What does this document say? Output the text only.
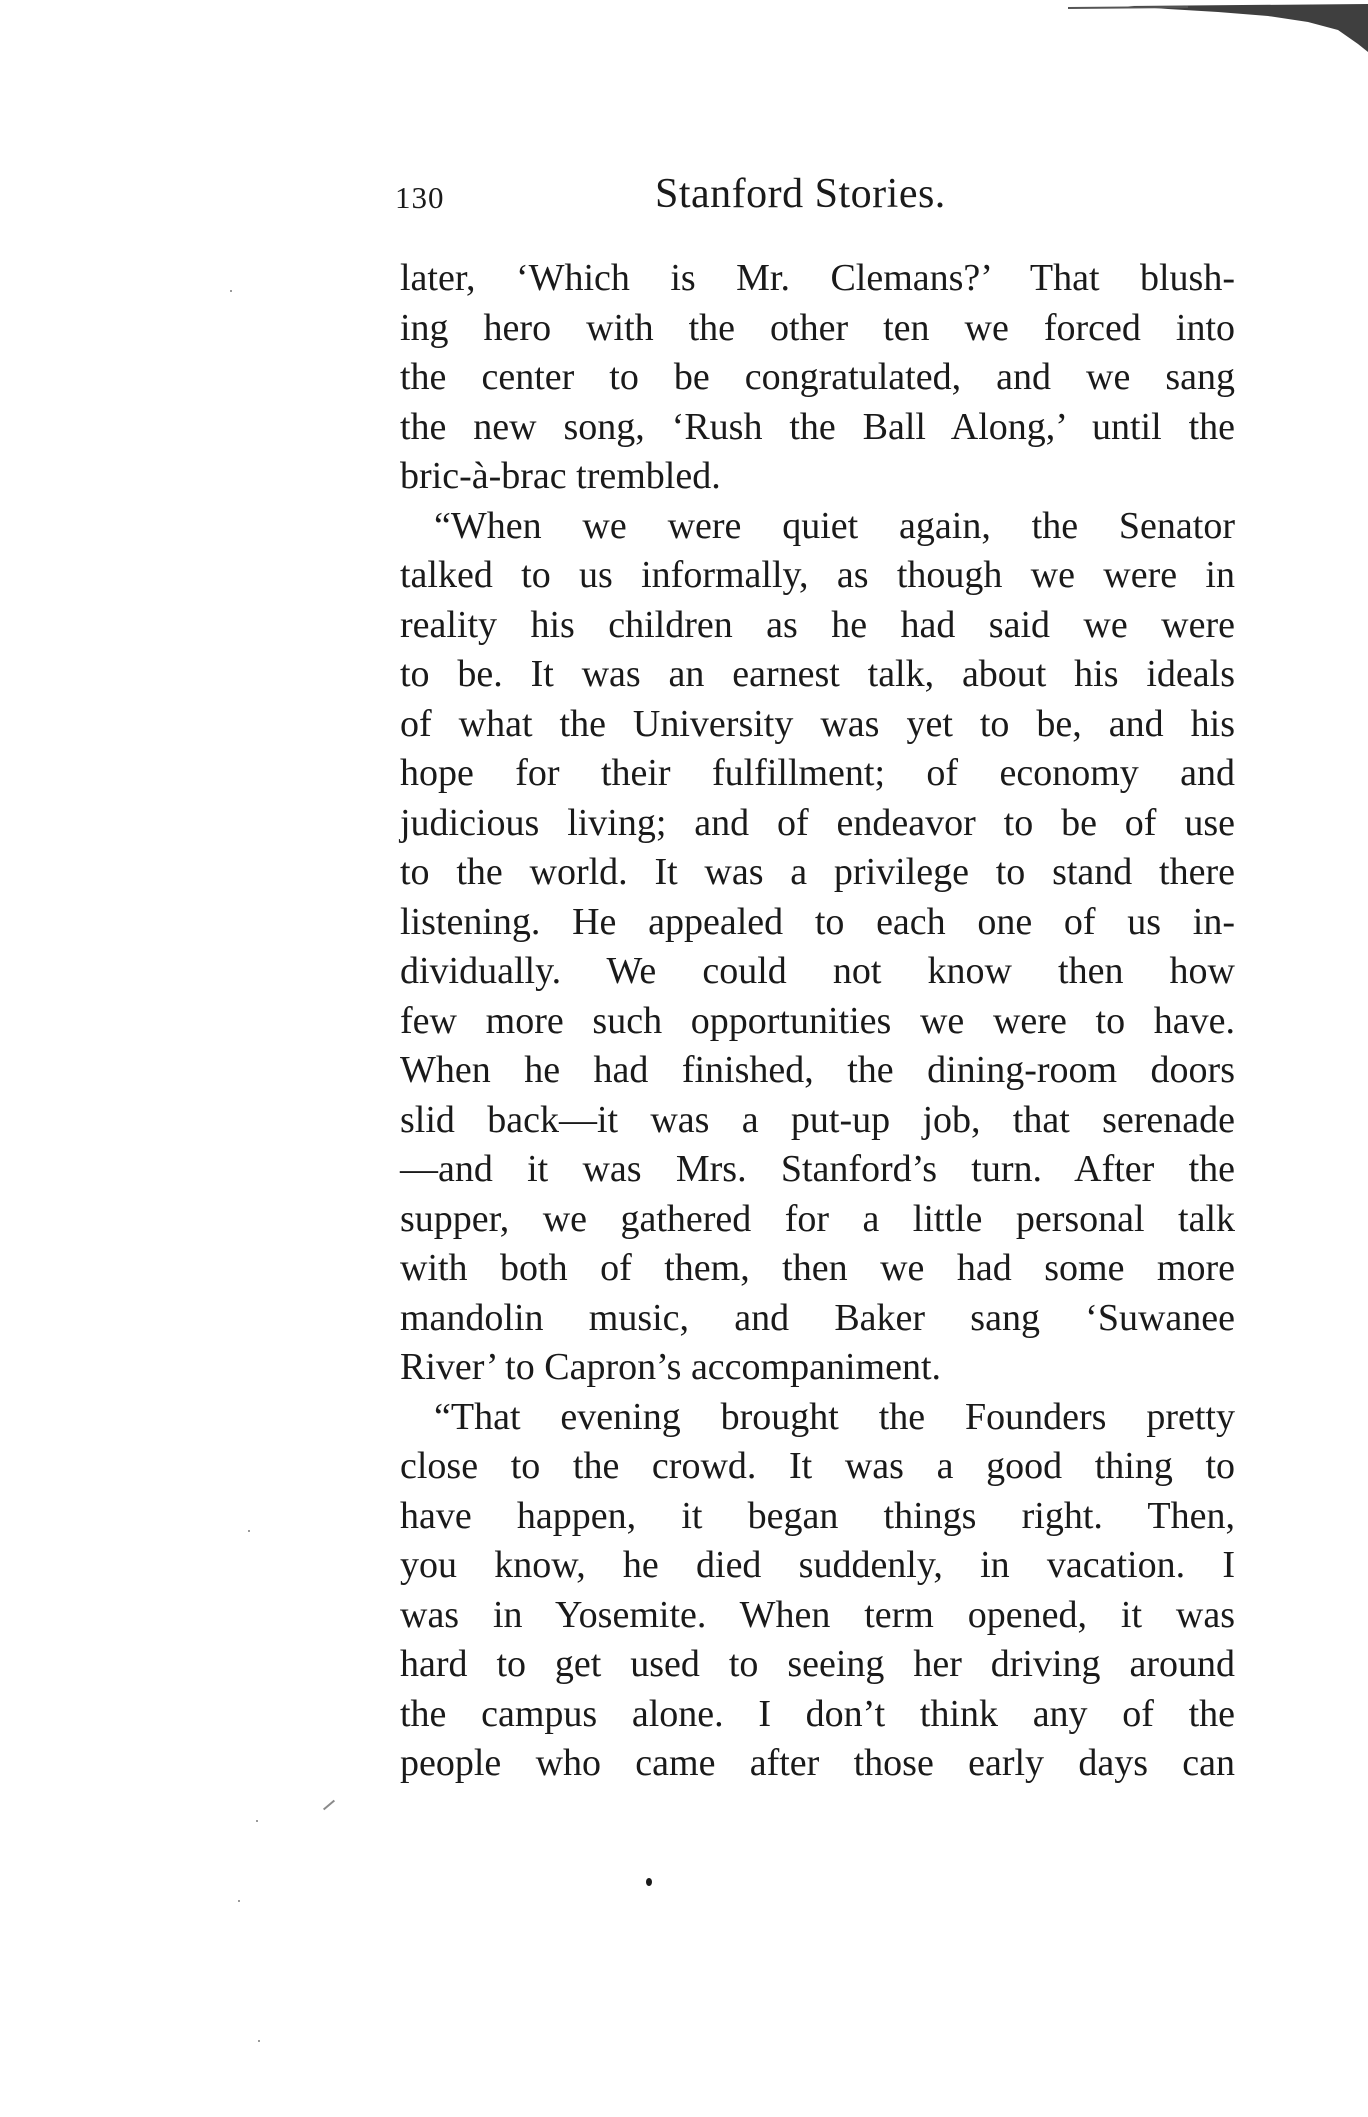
130	Stanford Stories.
later, ‘Which is Mr. Clemans?’ That blush-
ing hero with the other ten we forced into
the center to be congratulated, and we sang
the new song, ‘Rush the Ball Along,’ until the
bric-à-brac trembled.
“When we were quiet again, the Senator
talked to us informally, as though we were in
reality his children as he had said we were
to be. It was an earnest talk, about his ideals
of what the University was yet to be, and his
hope for their fulfillment; of economy and
judicious living; and of endeavor to be of use
to the world. It was a privilege to stand there
listening. He appealed to each one of us in-
dividually. We could not know then how
few more such opportunities we were to have.
When he had finished, the dining-room doors
slid back—it was a put-up job, that serenade
—and it was Mrs. Stanford’s turn. After the
supper, we gathered for a little personal talk
with both of them, then we had some more
mandolin music, and Baker sang ‘Suwanee
River’ to Capron’s accompaniment.
“That evening brought the Founders pretty
close to the crowd. It was a good thing to
have happen, it began things right. Then,
you know, he died suddenly, in vacation. I
was in Yosemite. When term opened, it was
hard to get used to seeing her driving around
the campus alone. I don’t think any of the
people who came after those early days can
